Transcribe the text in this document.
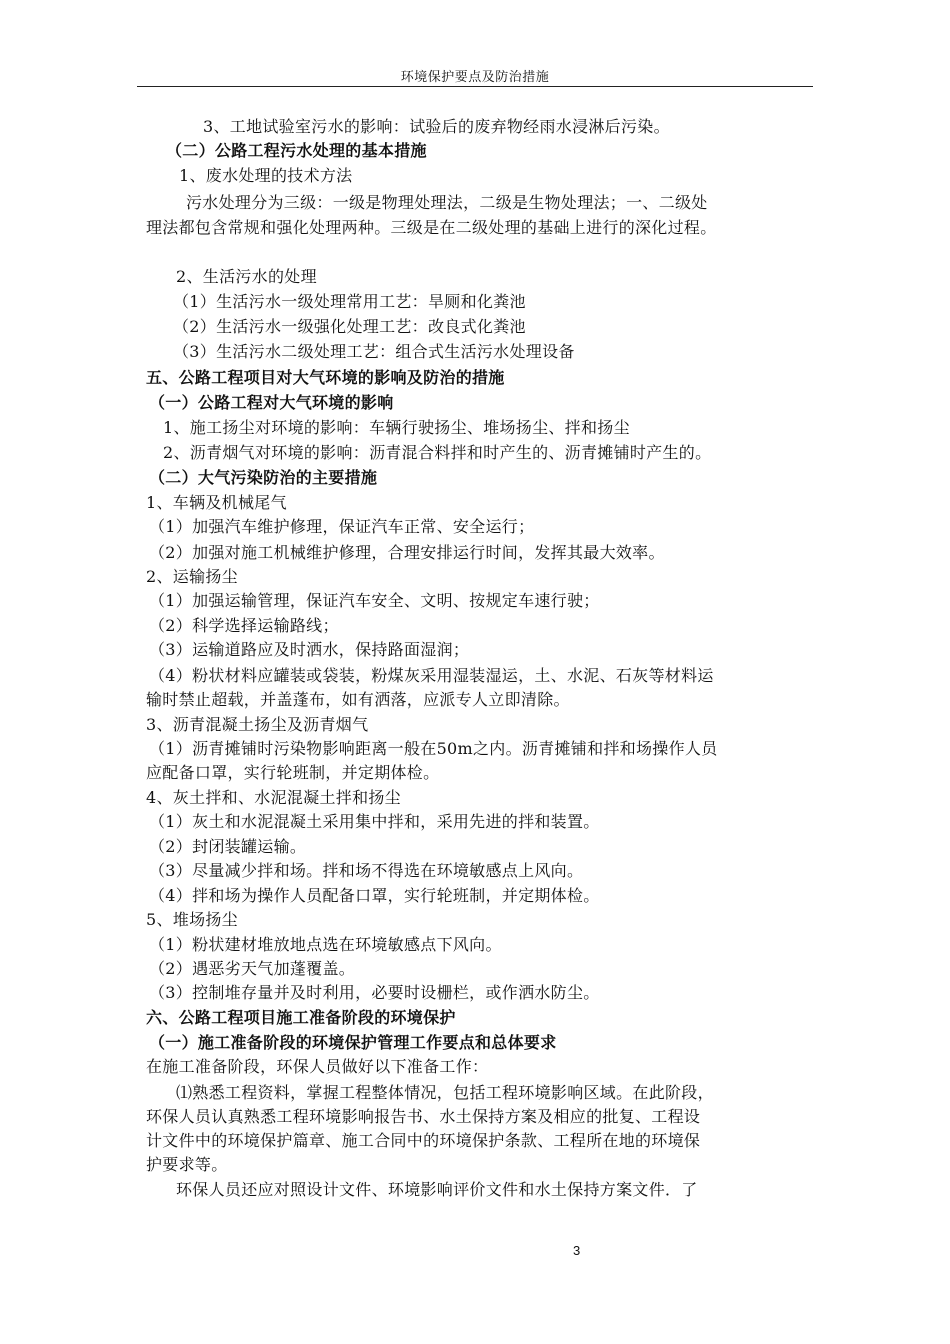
环境保护要点及防治措施
3、工地试验室污水的影响：试验后的废弃物经雨水浸淋后污染。
（二）公路工程污水处理的基本措施
1、废水处理的技术方法
污水处理分为三级：一级是物理处理法，二级是生物处理法；一、二级处
理法都包含常规和强化处理两种。三级是在二级处理的基础上进行的深化过程。
2、生活污水的处理
（1）生活污水一级处理常用工艺：旱厕和化粪池
（2）生活污水一级强化处理工艺：改良式化粪池
（3）生活污水二级处理工艺：组合式生活污水处理设备
五、公路工程项目对大气环境的影响及防治的措施
（一）公路工程对大气环境的影响
1、施工扬尘对环境的影响：车辆行驶扬尘、堆场扬尘、拌和扬尘
2、沥青烟气对环境的影响：沥青混合料拌和时产生的、沥青摊铺时产生的。
（二）大气污染防治的主要措施
1、车辆及机械尾气
（1）加强汽车维护修理，保证汽车正常、安全运行；
（2）加强对施工机械维护修理，合理安排运行时间，发挥其最大效率。
2、运输扬尘
（1）加强运输管理，保证汽车安全、文明、按规定车速行驶；
（2）科学选择运输路线；
（3）运输道路应及时洒水，保持路面湿润；
（4）粉状材料应罐装或袋装，粉煤灰采用湿装湿运，土、水泥、石灰等材料运
输时禁止超载，并盖蓬布，如有洒落，应派专人立即清除。
3、沥青混凝土扬尘及沥青烟气
（1）沥青摊铺时污染物影响距离一般在50m之内。沥青摊铺和拌和场操作人员
应配备口罩，实行轮班制，并定期体检。
4、灰土拌和、水泥混凝土拌和扬尘
（1）灰土和水泥混凝土采用集中拌和，采用先进的拌和装置。
（2）封闭装罐运输。
（3）尽量减少拌和场。拌和场不得选在环境敏感点上风向。
（4）拌和场为操作人员配备口罩，实行轮班制，并定期体检。
5、堆场扬尘
（1）粉状建材堆放地点选在环境敏感点下风向。
（2）遇恶劣天气加蓬覆盖。
（3）控制堆存量并及时利用，必要时设栅栏，或作洒水防尘。
六、公路工程项目施工准备阶段的环境保护
（一）施工准备阶段的环境保护管理工作要点和总体要求
在施工准备阶段，环保人员做好以下准备工作：
⑴熟悉工程资料，掌握工程整体情况，包括工程环境影响区域。在此阶段，
环保人员认真熟悉工程环境影响报告书、水土保持方案及相应的批复、工程设
计文件中的环境保护篇章、施工合同中的环境保护条款、工程所在地的环境保
护要求等。
环保人员还应对照设计文件、环境影响评价文件和水土保持方案文件．了
3
